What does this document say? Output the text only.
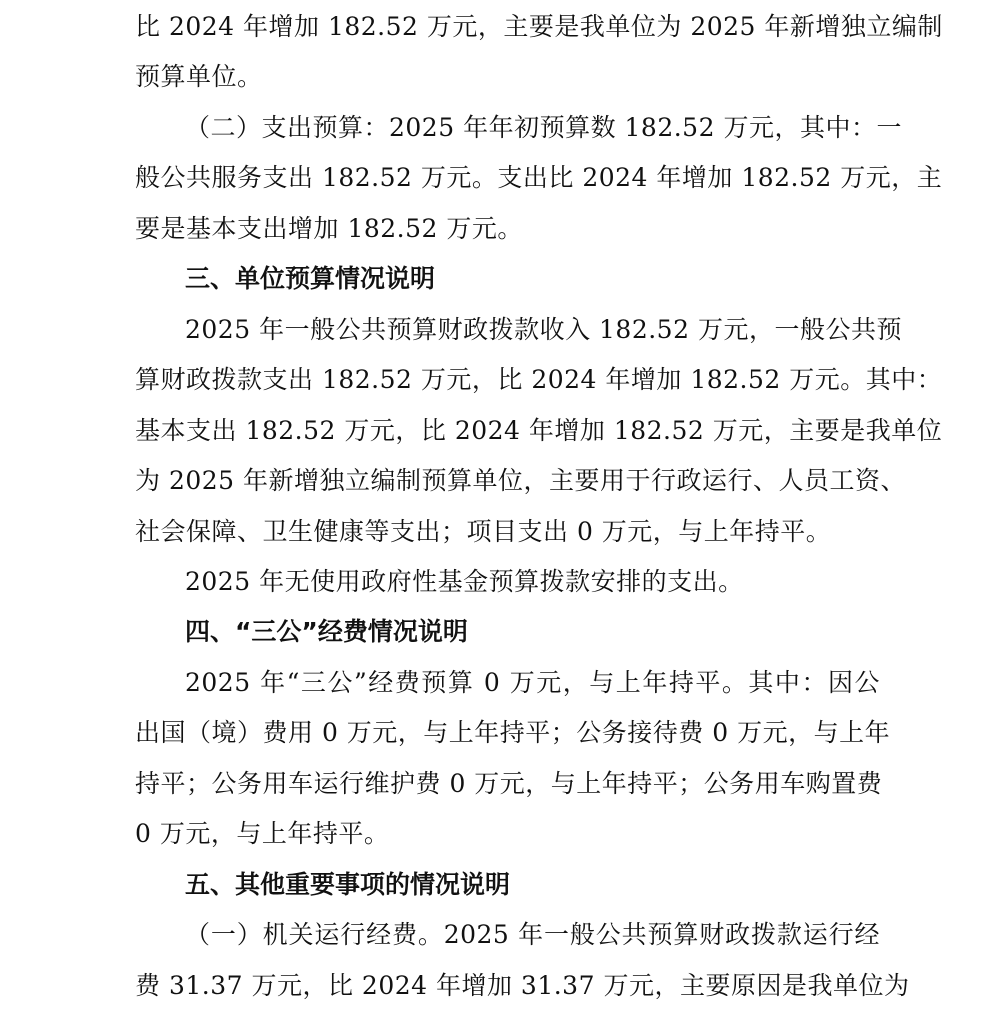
比 2024 年增加 182.52 万元，主要是我单位为 2025 年新增独立编制
预算单位。
（二）支出预算：2025 年年初预算数 182.52 万元，其中：一
般公共服务支出 182.52 万元。支出比 2024 年增加 182.52 万元，主
要是基本支出增加 182.52 万元。
三、单位预算情况说明
2025 年一般公共预算财政拨款收入 182.52 万元，一般公共预
算财政拨款支出 182.52 万元，比 2024 年增加 182.52 万元。其中：
基本支出 182.52 万元，比 2024 年增加 182.52 万元，主要是我单位
为 2025 年新增独立编制预算单位，主要用于行政运行、人员工资、
社会保障、卫生健康等支出；项目支出 0 万元，与上年持平。
2025 年无使用政府性基金预算拨款安排的支出。
四、“三公”经费情况说明
2025 年“三公”经费预算 0 万元，与上年持平。其中：因公
出国（境）费用 0 万元，与上年持平；公务接待费 0 万元，与上年
持平；公务用车运行维护费 0 万元，与上年持平；公务用车购置费
0 万元，与上年持平。
五、其他重要事项的情况说明
（一）机关运行经费。2025 年一般公共预算财政拨款运行经
费 31.37 万元，比 2024 年增加 31.37 万元，主要原因是我单位为
